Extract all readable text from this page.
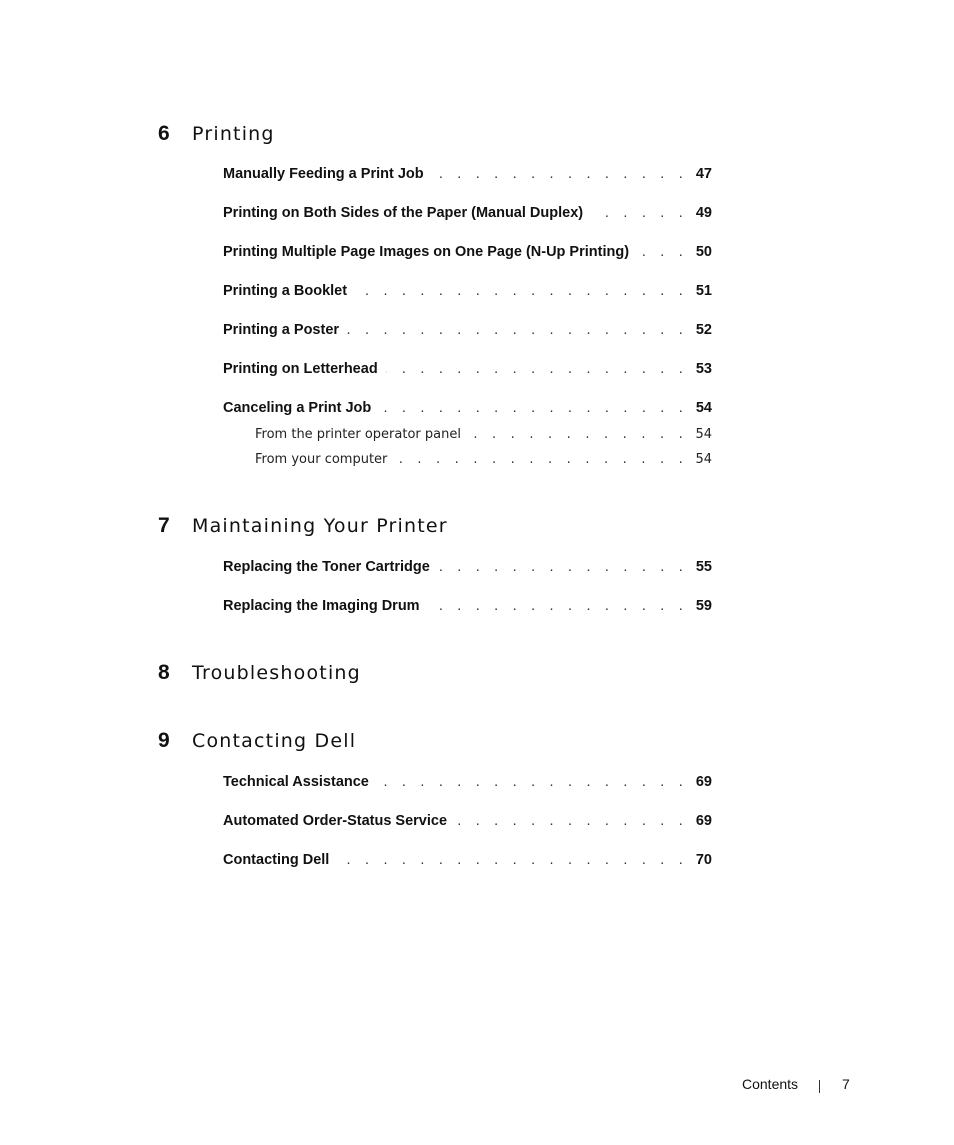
6	Printing
Manually Feeding a Print Job . . .	47
Printing on Both Sides of the Paper (Manual Duplex) . . .	49
Printing Multiple Page Images on One Page (N-Up Printing) . . .	50
Printing a Booklet . . .	51
Printing a Poster . . .	52
Printing on Letterhead . . .	53
Canceling a Print Job . . .	54
From the printer operator panel . . .	54
From your computer . . .	54
7	Maintaining Your Printer
Replacing the Toner Cartridge . . .	55
Replacing the Imaging Drum . . .	59
8	Troubleshooting
9	Contacting Dell
Technical Assistance . . .	69
Automated Order-Status Service . . .	69
Contacting Dell . . .	70
Contents	7
